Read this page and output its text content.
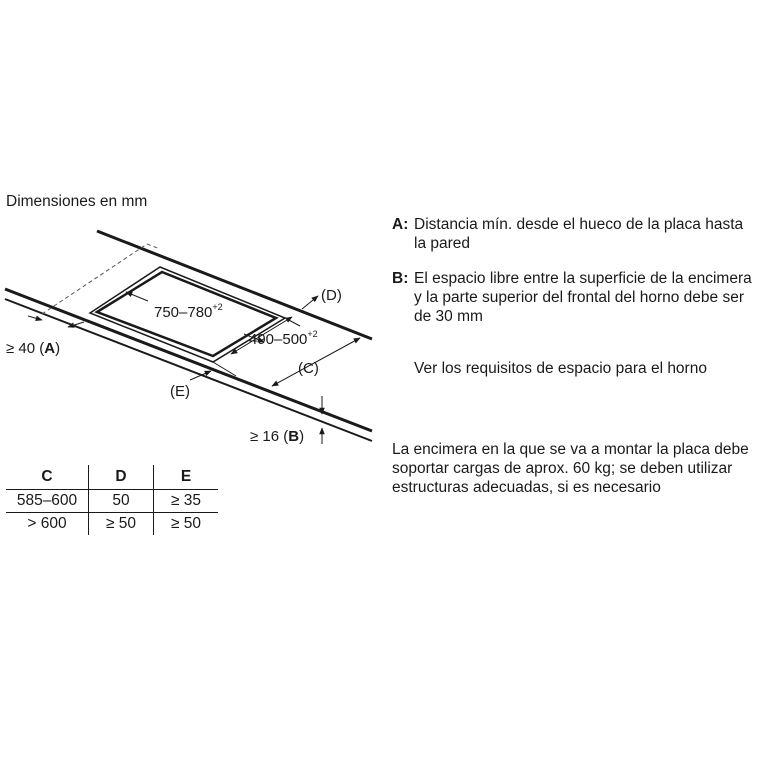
Dimensiones en mm
$750-780^{+2}$
$490-500^{+2}$
(D)
(C)
(E)
≥ 40 (A)
≥ 16 (B)
A: Distancia mín. desde el hueco de la placa hasta la pared
B: El espacio libre entre la superficie de la encimera y la parte superior del frontal del horno debe ser de 30 mm
Ver los requisitos de espacio para el horno
La encimera en la que se va a montar la placa debe soportar cargas de aprox. 60 kg; se deben utilizar estructuras adecuadas, si es necesario
C	D	E
585–600	50	≥ 35
> 600	≥ 50	≥ 50
